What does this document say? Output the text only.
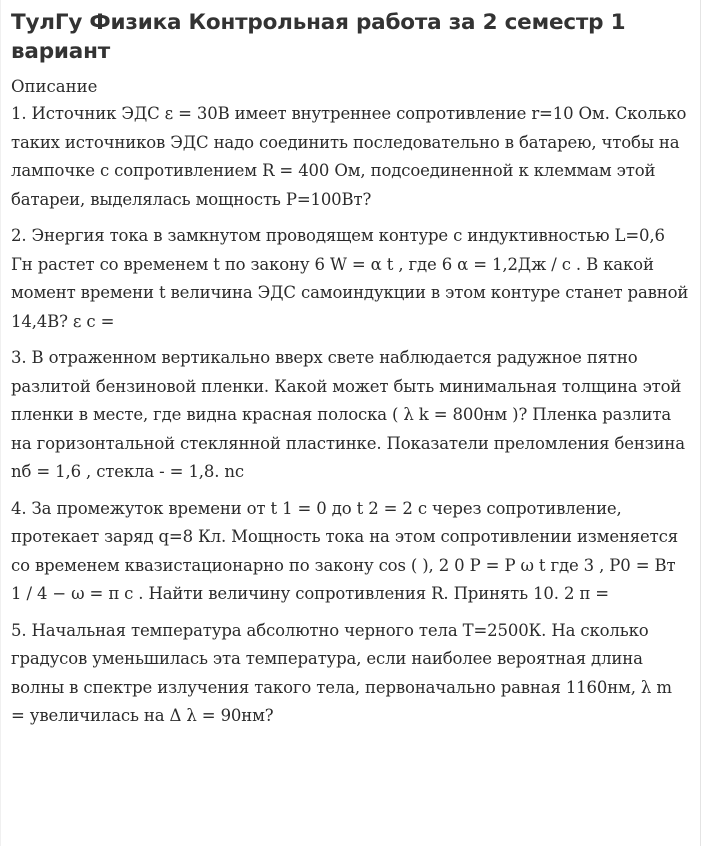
ТулГу Физика Контрольная работа за 2 семестр 1 вариант

Описание

1. Источник ЭДС ε = 30В имеет внутреннее сопротивление r=10 Ом. Сколько таких источников ЭДС надо соединить последовательно в батарею, чтобы на лампочке с сопротивлением R = 400 Ом, подсоединенной к клеммам этой батареи, выделялась мощность P=100Вт?

2. Энергия тока в замкнутом проводящем контуре с индуктивностью L=0,6 Гн растет со временем t по закону 6 W = α t , где 6 α = 1,2Дж / с . В какой момент времени t величина ЭДС самоиндукции в этом контуре станет равной 14,4В? ε с =

3. В отраженном вертикально вверх свете наблюдается радужное пятно разлитой бензиновой пленки. Какой может быть минимальная толщина этой пленки в месте, где видна красная полоска ( λ k = 800нм )? Пленка разлита на горизонтальной стеклянной пластинке. Показатели преломления бензина nб = 1,6 , стекла - = 1,8. nс

4. За промежуток времени от t 1 = 0 до t 2 = 2 с через сопротивление, протекает заряд q=8 Кл. Мощность тока на этом сопротивлении изменяется со временем квазистационарно по закону cos ( ), 2 0 P = P ω t где 3 , P0 = Вт 1 / 4 − ω = π с . Найти величину сопротивления R. Принять 10. 2 π =

5. Начальная температура абсолютно черного тела T=2500К. На сколько градусов уменьшилась эта температура, если наиболее вероятная длина волны в спектре излучения такого тела, первоначально равная 1160нм, λ m = увеличилась на Δ λ = 90нм?
